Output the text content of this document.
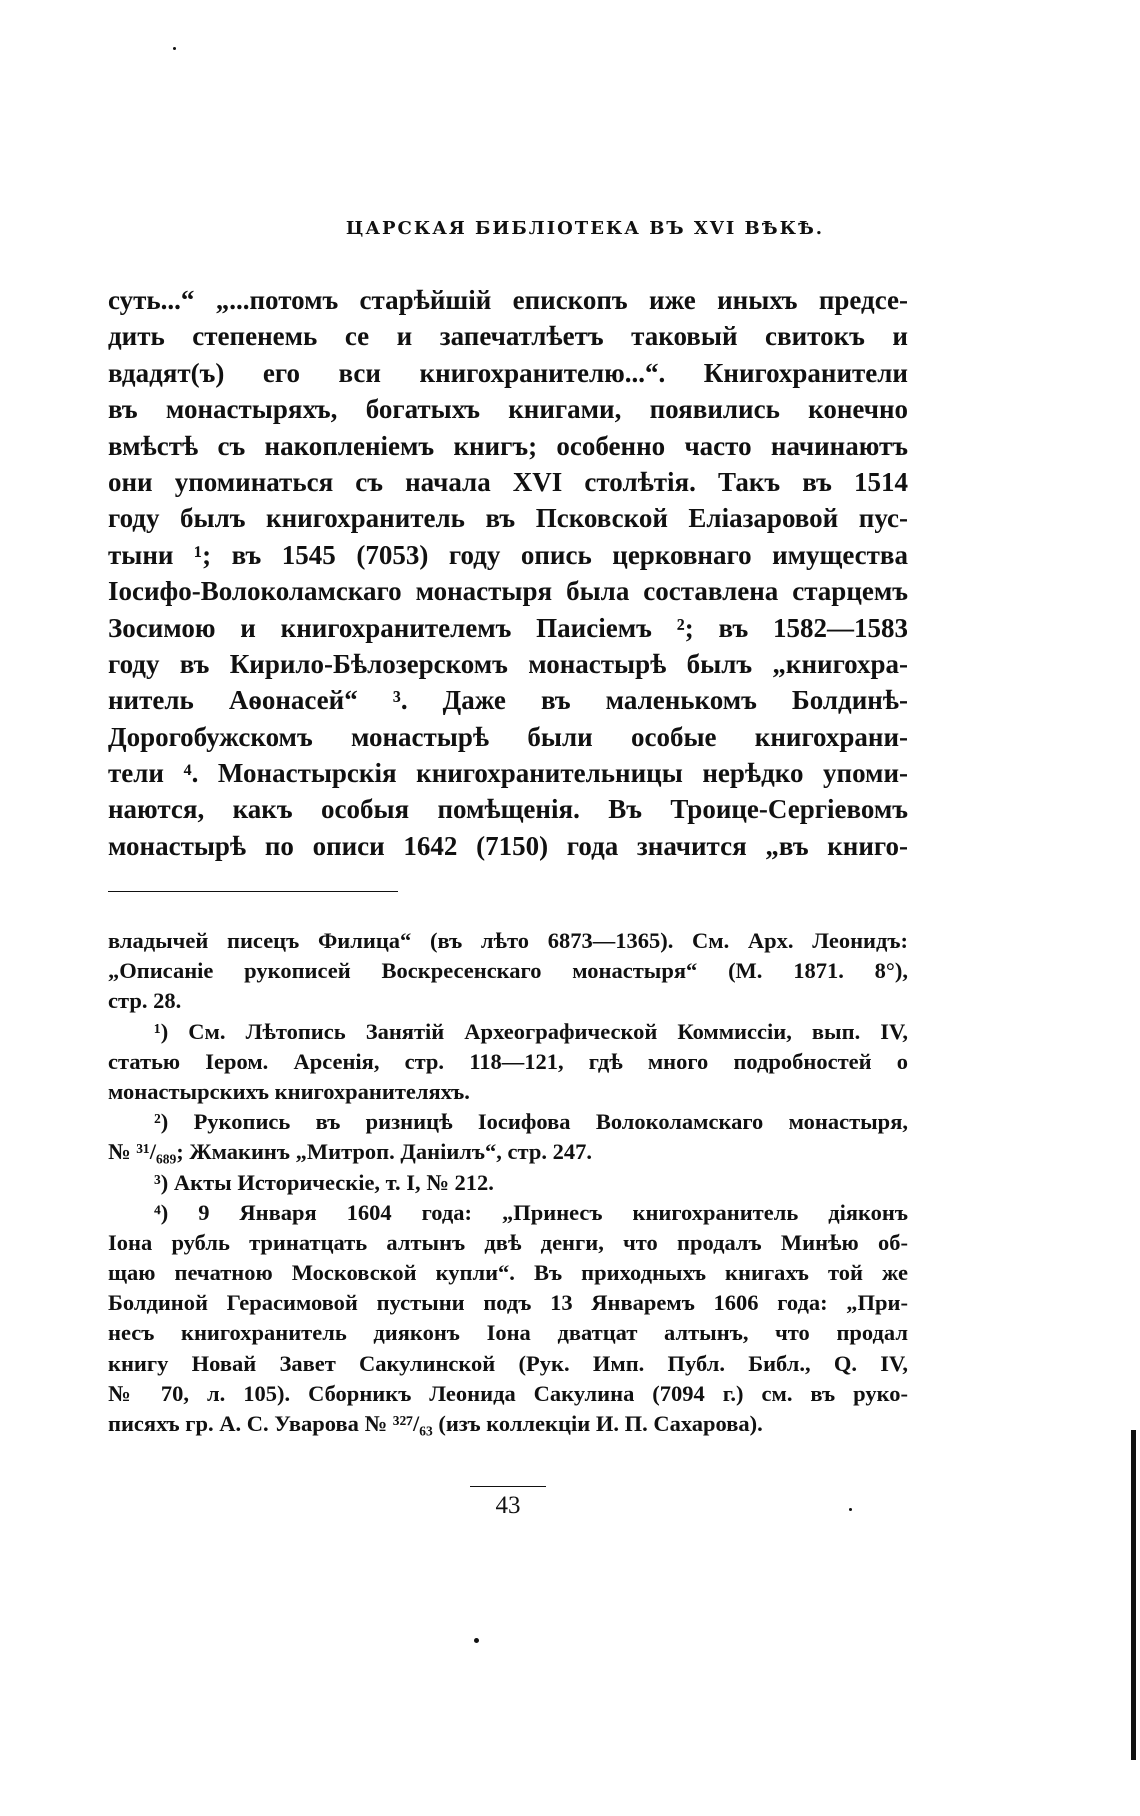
ЦАРСКАЯ БИБЛІОТЕКА ВЪ XVI ВѢКѢ.
суть...“ „...потомъ старѣйшій епископъ иже иныхъ предсе-
дить степенемь се и запечатлѣетъ таковый свитокъ и
вдадят(ъ) его вси книгохранителю...“. Книгохранители
въ монастыряхъ, богатыхъ книгами, появились конечно
вмѣстѣ съ накопленіемъ книгъ; особенно часто начинаютъ
они упоминаться съ начала XVI столѣтія. Такъ въ 1514
году былъ книгохранитель въ Псковской Еліазаровой пус-
тыни ¹; въ 1545 (7053) году опись церковнаго имущества
Іосифо-Волоколамскаго монастыря была составлена старцемъ
Зосимою и книгохранителемъ Паисіемъ ²; въ 1582—1583
году въ Кирило-Бѣлозерскомъ монастырѣ былъ „книгохра-
нитель Аѳонасей“ ³. Даже въ маленькомъ Болдинѣ-
Дорогобужскомъ монастырѣ были особые книгохрани-
тели ⁴. Монастырскія книгохранительницы нерѣдко упоми-
наются, какъ особыя помѣщенія. Въ Троице-Сергіевомъ
монастырѣ по описи 1642 (7150) года значится „въ книго-
владычей писецъ Филица“ (въ лѣто 6873—1365). См. Арх. Леонидъ:
„Описаніе рукописей Воскресенскаго монастыря“ (М. 1871. 8°),
стр. 28.
¹) См. Лѣтопись Занятій Археографической Коммиссіи, вып. IV,
статью Іером. Арсенія, стр. 118—121, гдѣ много подробностей о
монастырскихъ книгохранителяхъ.
²) Рукопись въ ризницѣ Іосифова Волоколамскаго монастыря,
№ ³¹/₆₈₉; Жмакинъ „Митроп. Даніилъ“, стр. 247.
³) Акты Историческіе, т. I, № 212.
⁴) 9 Января 1604 года: „Принесъ книгохранитель діяконъ
Іона рубль тринатцать алтынъ двѣ денги, что продалъ Минѣю об-
щаю печатною Московской купли“. Въ приходныхъ книгахъ той же
Болдиной Герасимовой пустыни подъ 13 Январемъ 1606 года: „При-
несъ книгохранитель дияконъ Іона дватцат алтынъ, что продал
книгу Новай Завет Сакулинской (Рук. Имп. Публ. Библ., Q. IV,
№ 70, л. 105). Сборникъ Леонида Сакулина (7094 г.) см. въ руко-
писяхъ гр. А. С. Уварова № ³²⁷/₆₃ (изъ коллекціи И. П. Сахарова).
43
